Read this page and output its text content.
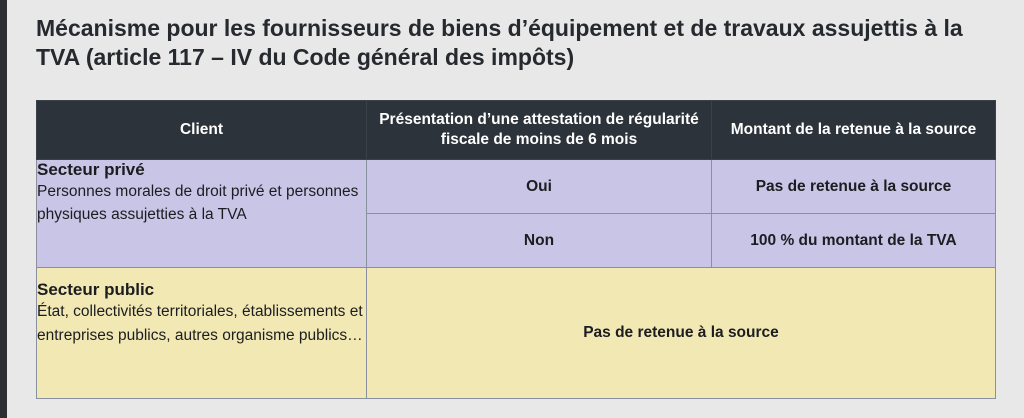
Mécanisme pour les fournisseurs de biens d’équipement et de travaux assujettis à la TVA (article 117 – IV du Code général des impôts)
Client	Présentation d’une attestation de régularité fiscale de moins de 6 mois	Montant de la retenue à la source

Secteur privé
Personnes morales de droit privé et personnes physiques assujetties à la TVA	Oui	Pas de retenue à la source
	Non	100 % du montant de la TVA

Secteur public
État, collectivités territoriales, établissements et entreprises publics, autres organisme publics…	Pas de retenue à la source	
